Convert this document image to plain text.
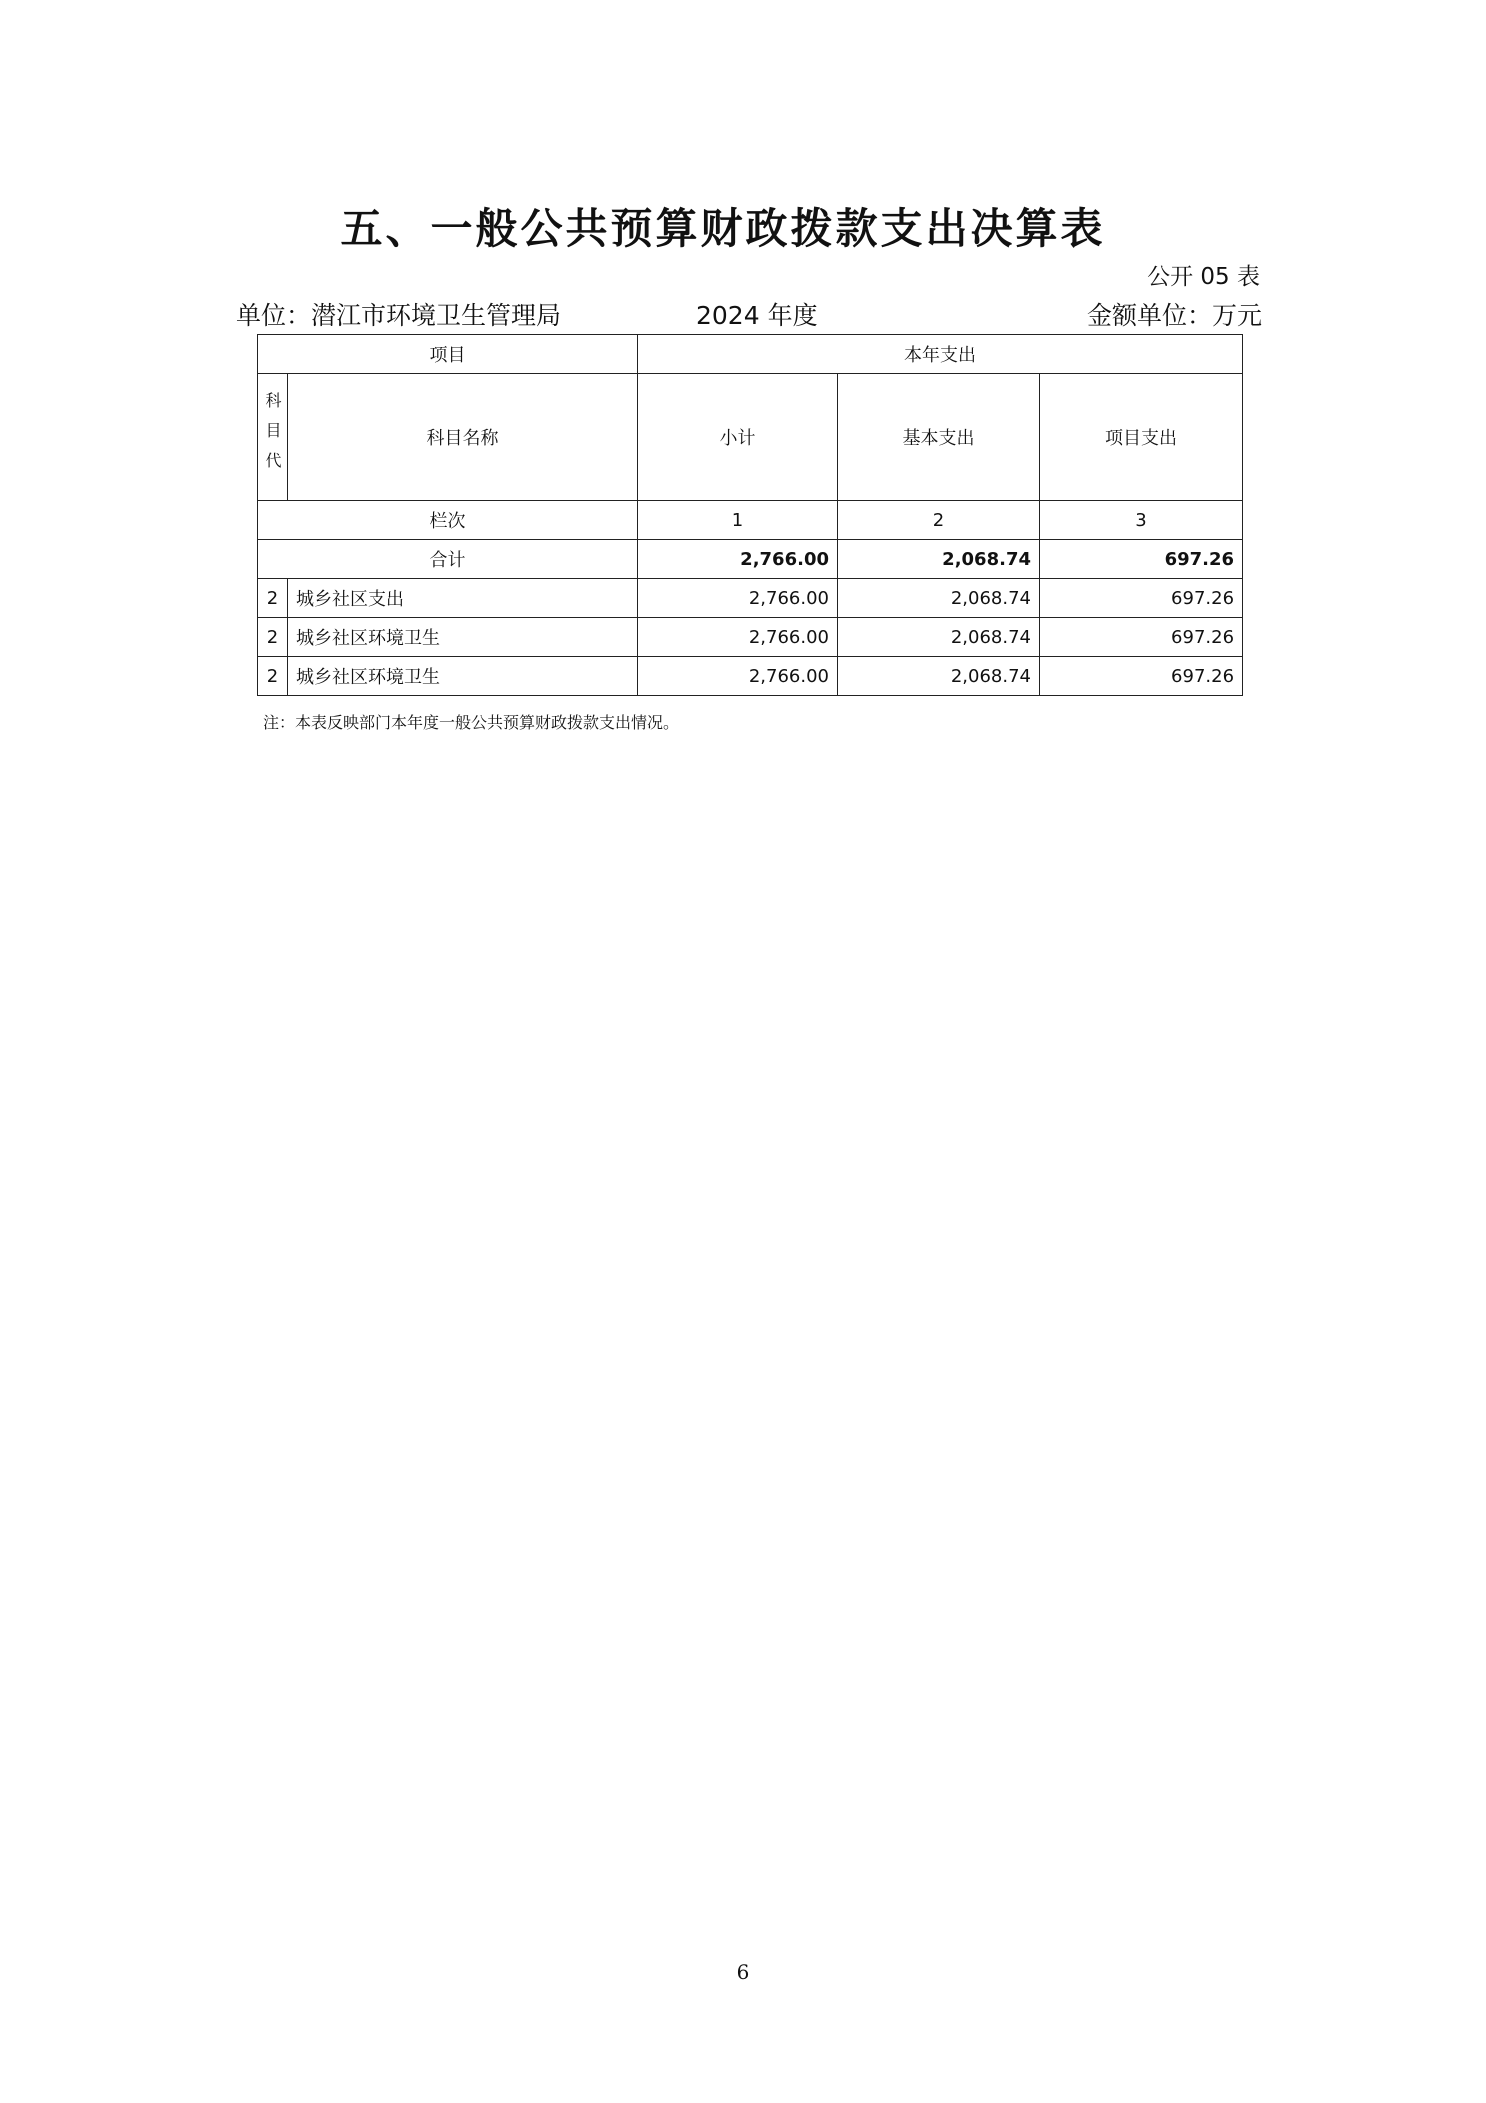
五、一般公共预算财政拨款支出决算表
公开 05 表
单位：潜江市环境卫生管理局	2024 年度	金额单位：万元
项目		本年支出		
科目代	科目名称	小计	基本支出	项目支出
栏次		1	2	3
合计		2,766.00	2,068.74	697.26
2	城乡社区支出	2,766.00	2,068.74	697.26
2	城乡社区环境卫生	2,766.00	2,068.74	697.26
2	城乡社区环境卫生	2,766.00	2,068.74	697.26
注：本表反映部门本年度一般公共预算财政拨款支出情况。
6
